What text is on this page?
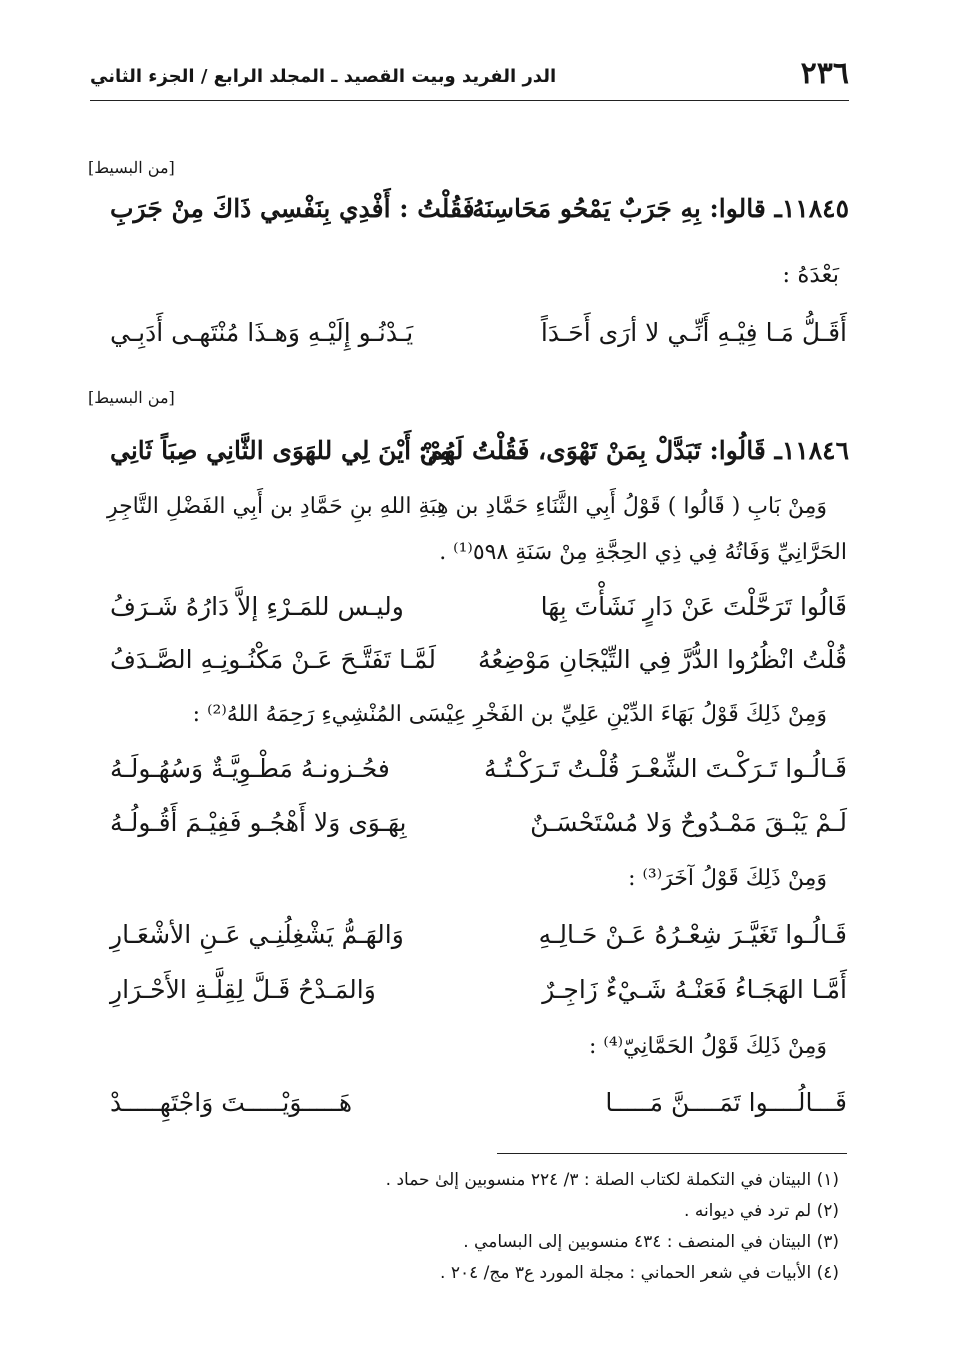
٢٣٦
الدر الفريد وبيت القصيد ـ المجلد الرابع / الجزء الثاني
[من البسيط]
١١٨٤٥ـ قالوا: بِهِ جَرَبٌ يَمْحُو مَحَاسِنَهُ،
فَقُلْتُ : أَفْدِي بِنَفْسِي ذَاكَ مِنْ جَرَبِ
بَعْدَهُ :
أَقَـلُّ مَـا فِيْـهِ أَنِّـي لا أرَى أَحَـدَاً
يَـدْنُـو إِلَيْـهِ وَهـذَا مُنْتَهـى أَدَبِـي
[من البسيط]
١١٨٤٦ـ قَالُوا: تَبَدَّلْ بِمَنْ تَهْوَى، فَقُلْتُ لَهُمْ:
مِنْ أَيْنَ لِي للهَوَى الثَّانِي صِبَاً ثَانِي
وَمِنْ بَابِ ( قَالُوا ) قَوْلُ أَبِي الثَّنَاءِ حَمَّادِ بن هِبَةِ اللهِ بنِ حَمَّادِ بن أَبِي الفَضْلِ التَّاجِرِ
الحَرَّانِيِّ وَفَاتُهُ فِي ذِي الحِجَّةِ مِنْ سَنَةِ ٥٩٨⁽¹⁾ .
قَالُوا تَرَحَّلْتَ عَنْ دَارٍ نَشَأْتَ بِهَا
وليـس للمَـرْءِ إلاَّ دَارُهُ شَـرَفُ
قُلْتُ انْظُرُوا الدُّرَّ فِي التِّيْجَانِ مَوْضِعُهُ
لَمَّـا تَفَتَّـحَ عَـنْ مَكْنُـونِـهِ الصَّـدَفُ
وَمِنْ ذَلِكَ قَوْلُ بَهَاءَ الدِّيْنِ عَلِيِّ بن الفَخْرِ عِيْسَى المُنْشِيءِ رَحِمَهُ اللهُ⁽²⁾ :
قَـالُـوا تَـرَكْـتَ الشِّعْـرَ قُلْـتُ تَـرَكْـتُـهُ
فحُـزونـهُ مَطْـوِيَّـةٌ وَسُهُـولَـهُ
لَـمْ يَبْـقَ مَمْـدُوحٌ وَلا مُسْتَحْسَـنٌ
بِهَـوَى وَلا أَهْجُـو فَفِيْـمَ أَقُـولُـهُ
وَمِنْ ذَلِكَ قَوْلُ آخَرَ⁽³⁾ :
قَـالُـوا تَغَيَّـرَ شِعْـرُهُ عَـنْ حَـالِـهِ
وَالهَـمُّ يَشْغِلُنِـي عَـنِ الأشْعَـارِ
أَمَّـا الهَجَـاءُ فَعَنْـهُ شَـيْءٌ زَاجِـرٌ
وَالمَـدْحُ قَـلَّ لِقِلَّـةِ الأَحْـرَارِ
وَمِنْ ذَلِكَ قَوْلُ الحَمَّانِيّ⁽⁴⁾ :
قَـــالُــــوا تَمَــــنَّ مَـــــا
هَـــــوَيْـــــتَ وَاجْتَهِـــــدْ
(١) البيتان في التكملة لكتاب الصلة : ٣/ ٢٢٤ منسوبين إلىٰ حماد .
(٢) لم ترد في ديوانه .
(٣) البيتان في المنصف : ٤٣٤ منسوبين إلى البسامي .
(٤) الأبيات في شعر الحماني : مجلة المورد ع٣ مج/ ٢٠٤ .
